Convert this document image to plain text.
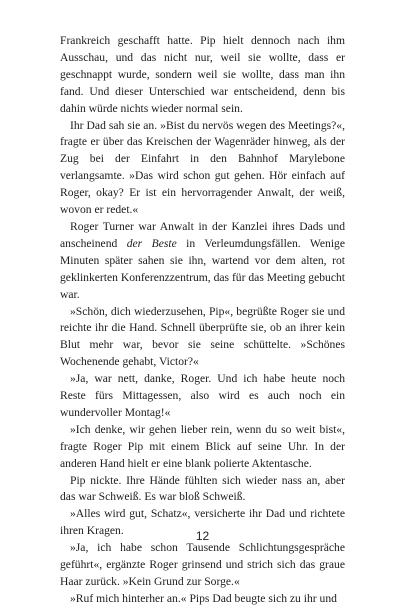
Frankreich geschafft hatte. Pip hielt dennoch nach ihm Ausschau, und das nicht nur, weil sie wollte, dass er geschnappt wurde, sondern weil sie wollte, dass man ihn fand. Und dieser Unterschied war entscheidend, denn bis dahin würde nichts wieder normal sein.

Ihr Dad sah sie an. »Bist du nervös wegen des Meetings?«, fragte er über das Kreischen der Wagenräder hinweg, als der Zug bei der Einfahrt in den Bahnhof Marylebone verlangsamte. »Das wird schon gut gehen. Hör einfach auf Roger, okay? Er ist ein hervorragender Anwalt, der weiß, wovon er redet.«

Roger Turner war Anwalt in der Kanzlei ihres Dads und anscheinend der Beste in Verleumdungsfällen. Wenige Minuten später sahen sie ihn, wartend vor dem alten, rot geklinkerten Konferenzzentrum, das für das Meeting gebucht war.

»Schön, dich wiederzusehen, Pip«, begrüßte Roger sie und reichte ihr die Hand. Schnell überprüfte sie, ob an ihrer kein Blut mehr war, bevor sie seine schüttelte. »Schönes Wochenende gehabt, Victor?«

»Ja, war nett, danke, Roger. Und ich habe heute noch Reste fürs Mittagessen, also wird es auch noch ein wundervoller Montag!«

»Ich denke, wir gehen lieber rein, wenn du so weit bist«, fragte Roger Pip mit einem Blick auf seine Uhr. In der anderen Hand hielt er eine blank polierte Aktentasche.

Pip nickte. Ihre Hände fühlten sich wieder nass an, aber das war Schweiß. Es war bloß Schweiß.

»Alles wird gut, Schatz«, versicherte ihr Dad und richtete ihren Kragen.

»Ja, ich habe schon Tausende Schlichtungsgespräche geführt«, ergänzte Roger grinsend und strich sich das graue Haar zurück. »Kein Grund zur Sorge.«

»Ruf mich hinterher an.« Pips Dad beugte sich zu ihr und

12
